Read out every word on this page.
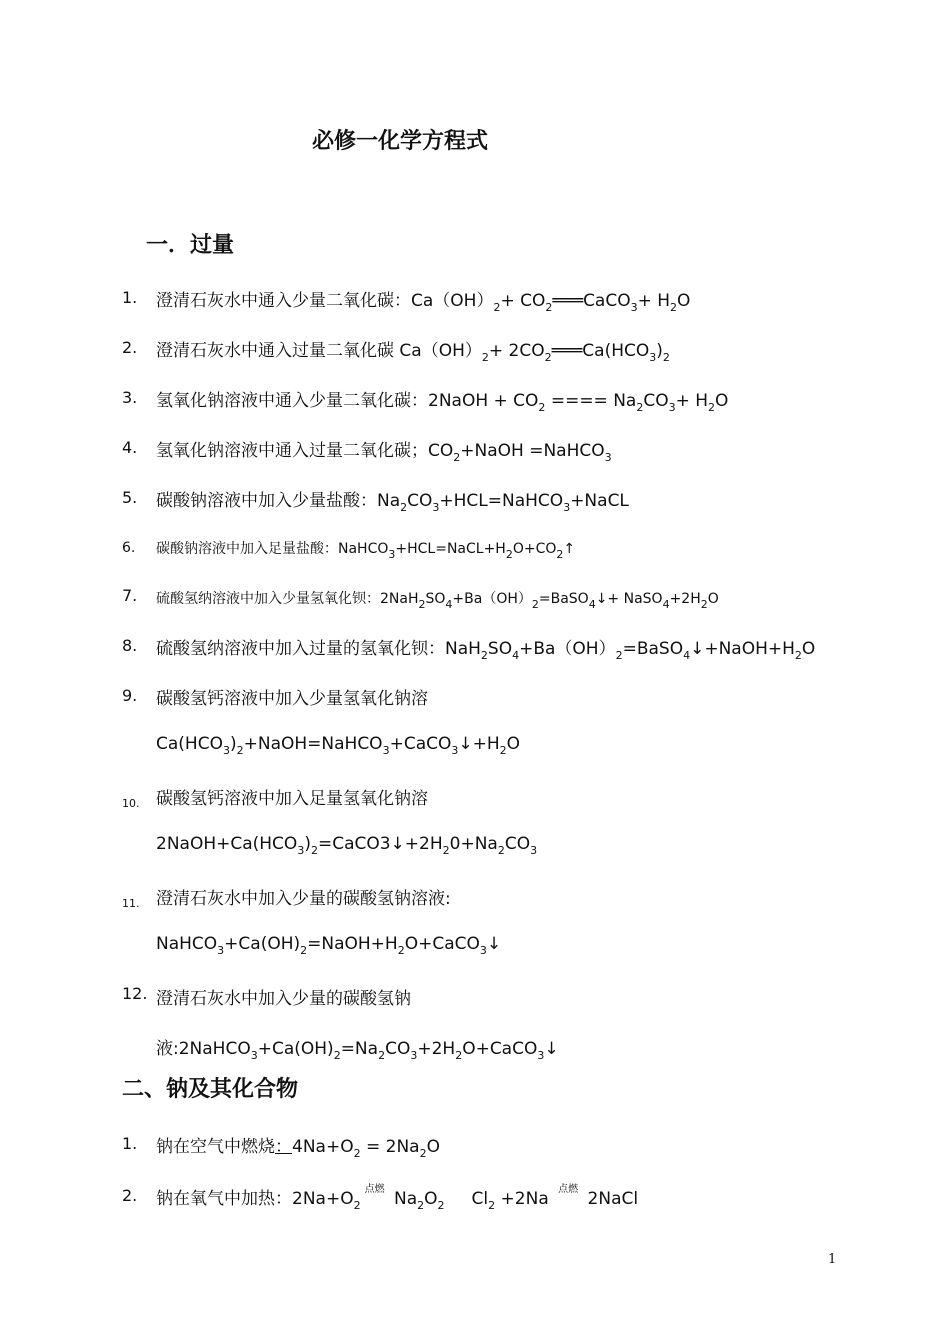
必修一化学方程式
一．过量
1. 澄清石灰水中通入少量二氧化碳：$Ca(OH)_2+$ $CO_2═══CaCO_3+ H_2O$
2. 澄清石灰水中通入过量二氧化碳 $Ca(OH)_2+$ $2CO_2═══Ca(HCO_3)_2$
3. 氢氧化钠溶液中通入少量二氧化碳：2NaOH + $CO_2$ ==== $Na_2CO_3+ H_2O$
4. 氢氧化钠溶液中通入过量二氧化碳；$CO_2+NaOH$ =NaHCO$_3$
5. 碳酸钠溶液中加入少量盐酸：$Na_2CO_3+HCL=NaHCO_3+NaCL$
6. 碳酸钠溶液中加入足量盐酸：$NaHCO_3+HCL=NaCL+H_2O+CO_2↑$
7. 硫酸氢纳溶液中加入少量氢氧化钡：$2NaH_2SO_4+Ba(OH)_2=BaSO_4↓+$ $NaSO_4+2H_2O$
8. 硫酸氢纳溶液中加入过量的氢氧化钡：$NaH_2SO_4+Ba(OH)_2=BaSO_4↓+NaOH+H_2O$
9. 碳酸氢钙溶液中加入少量氢氧化钠溶
$Ca(HCO_3)_2+NaOH=NaHCO_3+CaCO_3↓+H_2O$
10. 碳酸氢钙溶液中加入足量氢氧化钠溶
$2NaOH+Ca(HCO_3)_2=CaCO3↓+2H_20+Na_2CO_3$
11. 澄清石灰水中加入少量的碳酸氢钠溶液:
$NaHCO_3+Ca(OH)_2=NaOH+H_2O+CaCO_3↓$
12. 澄清石灰水中加入少量的碳酸氢钠
液$:2NaHCO_3+Ca(OH)_2=Na_2CO_3+2H_2O+CaCO_3↓$
二、钠及其化合物
1. 钠在空气中燃烧：$4Na+O_2 = 2Na_2O$
2. 钠在氧气中加热：$2Na+O_2^{点燃}$ $Na_2O_2$     $Cl_2 +2Na$ $^{点燃}$ 2NaCl
1
